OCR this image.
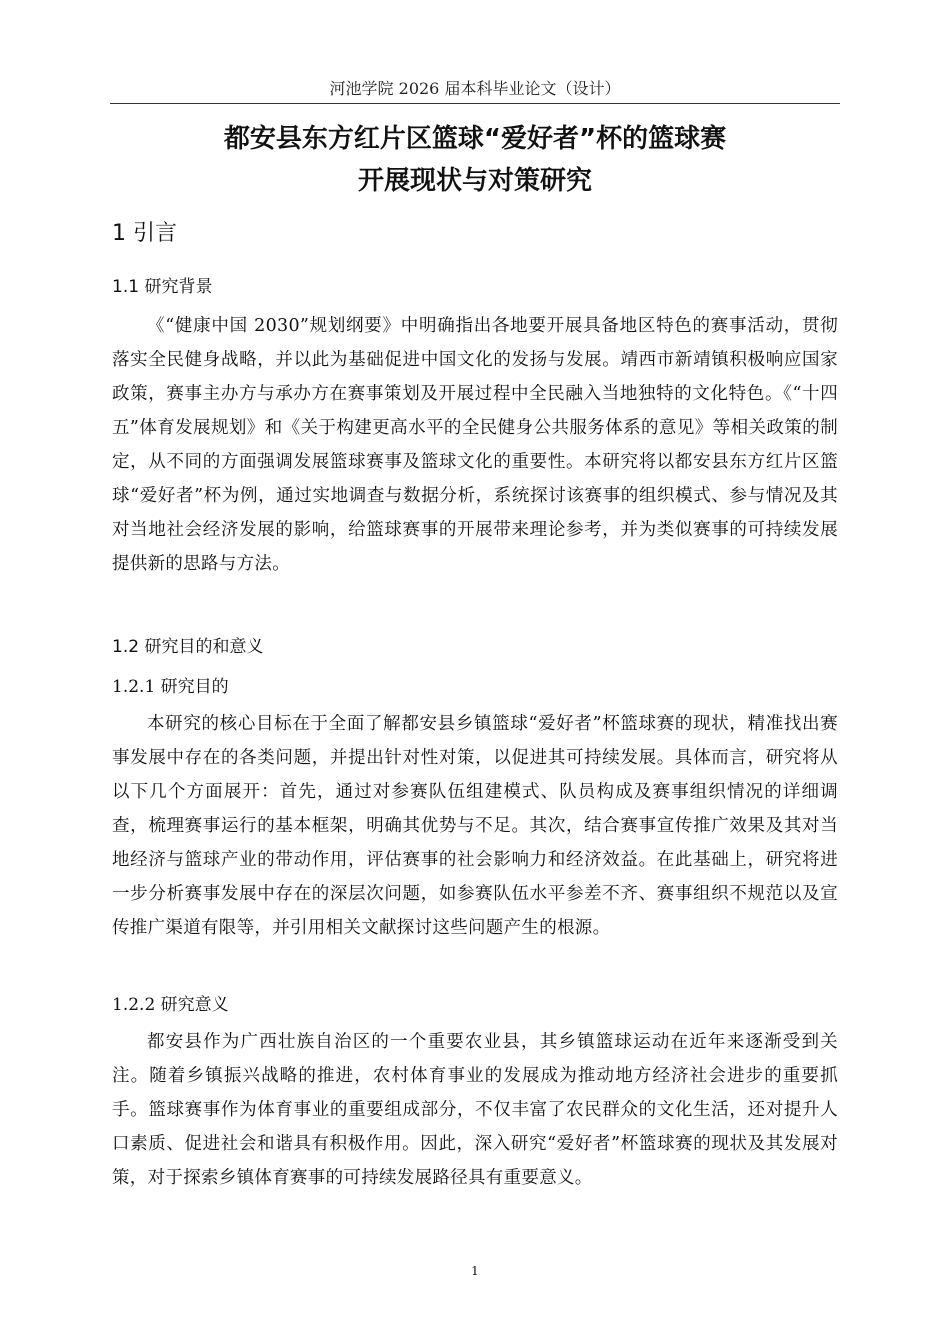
河池学院 2026 届本科毕业论文（设计）
都安县东方红片区篮球“爱好者”杯的篮球赛
开展现状与对策研究
1 引言
1.1 研究背景
《“健康中国 2030”规划纲要》中明确指出各地要开展具备地区特色的赛事活动，贯彻落实全民健身战略，并以此为基础促进中国文化的发扬与发展。靖西市新靖镇积极响应国家政策，赛事主办方与承办方在赛事策划及开展过程中全民融入当地独特的文化特色。《“十四五”体育发展规划》和《关于构建更高水平的全民健身公共服务体系的意见》等相关政策的制定，从不同的方面强调发展篮球赛事及篮球文化的重要性。本研究将以都安县东方红片区篮球“爱好者”杯为例，通过实地调查与数据分析，系统探讨该赛事的组织模式、参与情况及其对当地社会经济发展的影响，给篮球赛事的开展带来理论参考，并为类似赛事的可持续发展提供新的思路与方法。
1.2 研究目的和意义
1.2.1 研究目的
本研究的核心目标在于全面了解都安县乡镇篮球“爱好者”杯篮球赛的现状，精准找出赛事发展中存在的各类问题，并提出针对性对策，以促进其可持续发展。具体而言，研究将从以下几个方面展开：首先，通过对参赛队伍组建模式、队员构成及赛事组织情况的详细调查，梳理赛事运行的基本框架，明确其优势与不足。其次，结合赛事宣传推广效果及其对当地经济与篮球产业的带动作用，评估赛事的社会影响力和经济效益。在此基础上，研究将进一步分析赛事发展中存在的深层次问题，如参赛队伍水平参差不齐、赛事组织不规范以及宣传推广渠道有限等，并引用相关文献探讨这些问题产生的根源。
1.2.2 研究意义
都安县作为广西壮族自治区的一个重要农业县，其乡镇篮球运动在近年来逐渐受到关注。随着乡镇振兴战略的推进，农村体育事业的发展成为推动地方经济社会进步的重要抓手。篮球赛事作为体育事业的重要组成部分，不仅丰富了农民群众的文化生活，还对提升人口素质、促进社会和谐具有积极作用。因此，深入研究“爱好者”杯篮球赛的现状及其发展对策，对于探索乡镇体育赛事的可持续发展路径具有重要意义。
1
